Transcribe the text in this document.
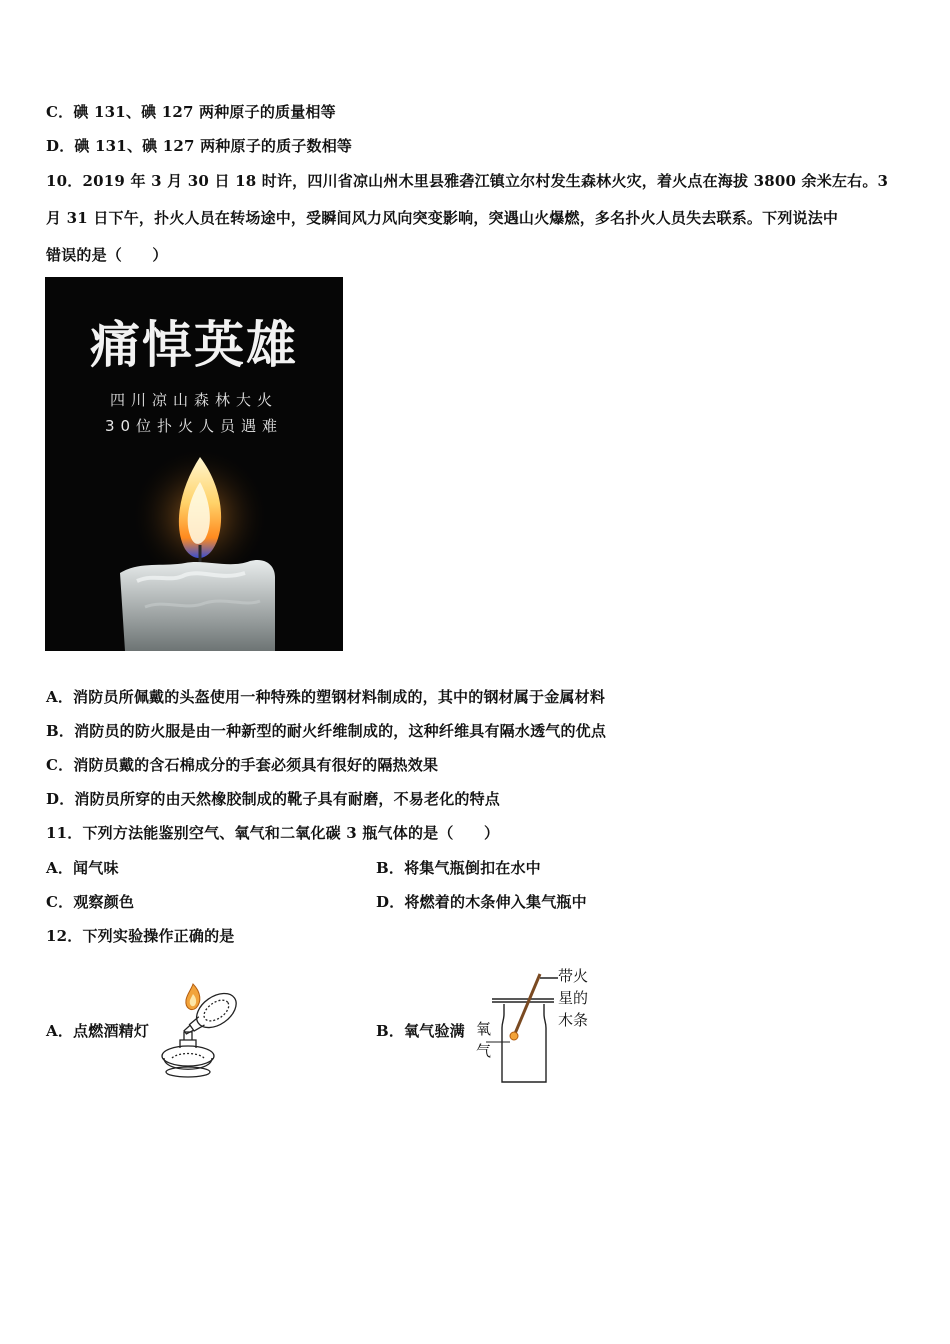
C．碘 131、碘 127 两种原子的质量相等
D．碘 131、碘 127 两种原子的质子数相等
10．2019 年 3 月 30 日 18 时许，四川省凉山州木里县雅砻江镇立尔村发生森林火灾，着火点在海拔 3800 余米左右。3
月 31 日下午，扑火人员在转场途中，受瞬间风力风向突变影响，突遇山火爆燃，多名扑火人员失去联系。下列说法中
错误的是（　　）
痛悼英雄
四川凉山森林大火
30位扑火人员遇难
A．消防员所佩戴的头盔使用一种特殊的塑钢材料制成的，其中的钢材属于金属材料
B．消防员的防火服是由一种新型的耐火纤维制成的，这种纤维具有隔水透气的优点
C．消防员戴的含石棉成分的手套必须具有很好的隔热效果
D．消防员所穿的由天然橡胶制成的靴子具有耐磨，不易老化的特点
11．下列方法能鉴别空气、氧气和二氧化碳 3 瓶气体的是（　　）
A．闻气味	B．将集气瓶倒扣在水中
C．观察颜色	D．将燃着的木条伸入集气瓶中
12．下列实验操作正确的是
A．点燃酒精灯	B．氧气验满
带火
星的
木条
氧
气
